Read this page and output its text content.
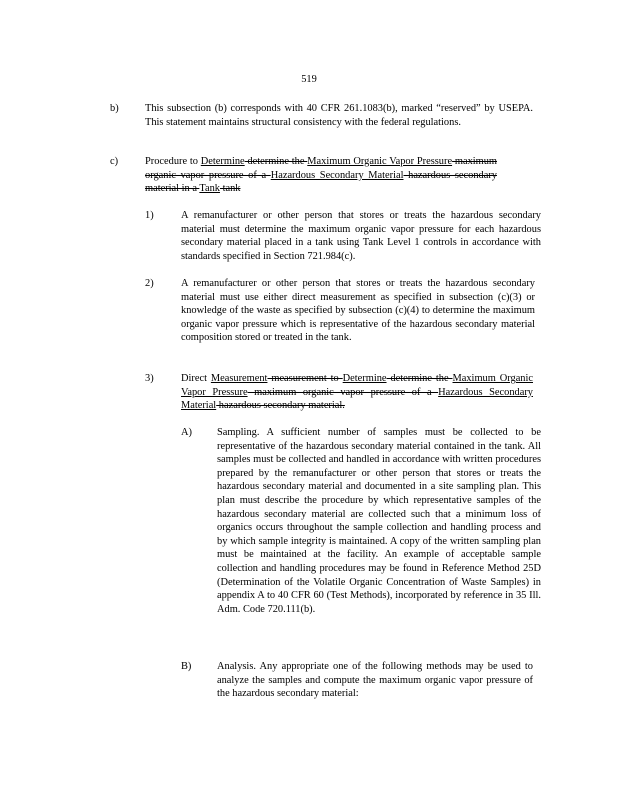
519
b)	This subsection (b) corresponds with 40 CFR 261.1083(b), marked “reserved” by USEPA. This statement maintains structural consistency with the federal regulations.
c)	Procedure to Determine determine the Maximum Organic Vapor Pressure maximum organic vapor pressure of a Hazardous Secondary Material hazardous secondary material in a Tank tank
1)	A remanufacturer or other person that stores or treats the hazardous secondary material must determine the maximum organic vapor pressure for each hazardous secondary material placed in a tank using Tank Level 1 controls in accordance with standards specified in Section 721.984(c).
2)	A remanufacturer or other person that stores or treats the hazardous secondary material must use either direct measurement as specified in subsection (c)(3) or knowledge of the waste as specified by subsection (c)(4) to determine the maximum organic vapor pressure which is representative of the hazardous secondary material composition stored or treated in the tank.
3)	Direct Measurement measurement to Determine determine the Maximum Organic Vapor Pressure maximum organic vapor pressure of a Hazardous Secondary Material hazardous secondary material.
A) Sampling. A sufficient number of samples must be collected to be representative of the hazardous secondary material contained in the tank. All samples must be collected and handled in accordance with written procedures prepared by the remanufacturer or other person that stores or treats the hazardous secondary material and documented in a site sampling plan. This plan must describe the procedure by which representative samples of the hazardous secondary material are collected such that a minimum loss of organics occurs throughout the sample collection and handling process and by which sample integrity is maintained. A copy of the written sampling plan must be maintained at the facility. An example of acceptable sample collection and handling procedures may be found in Reference Method 25D (Determination of the Volatile Organic Concentration of Waste Samples) in appendix A to 40 CFR 60 (Test Methods), incorporated by reference in 35 Ill. Adm. Code 720.111(b).
B) Analysis. Any appropriate one of the following methods may be used to analyze the samples and compute the maximum organic vapor pressure of the hazardous secondary material:
